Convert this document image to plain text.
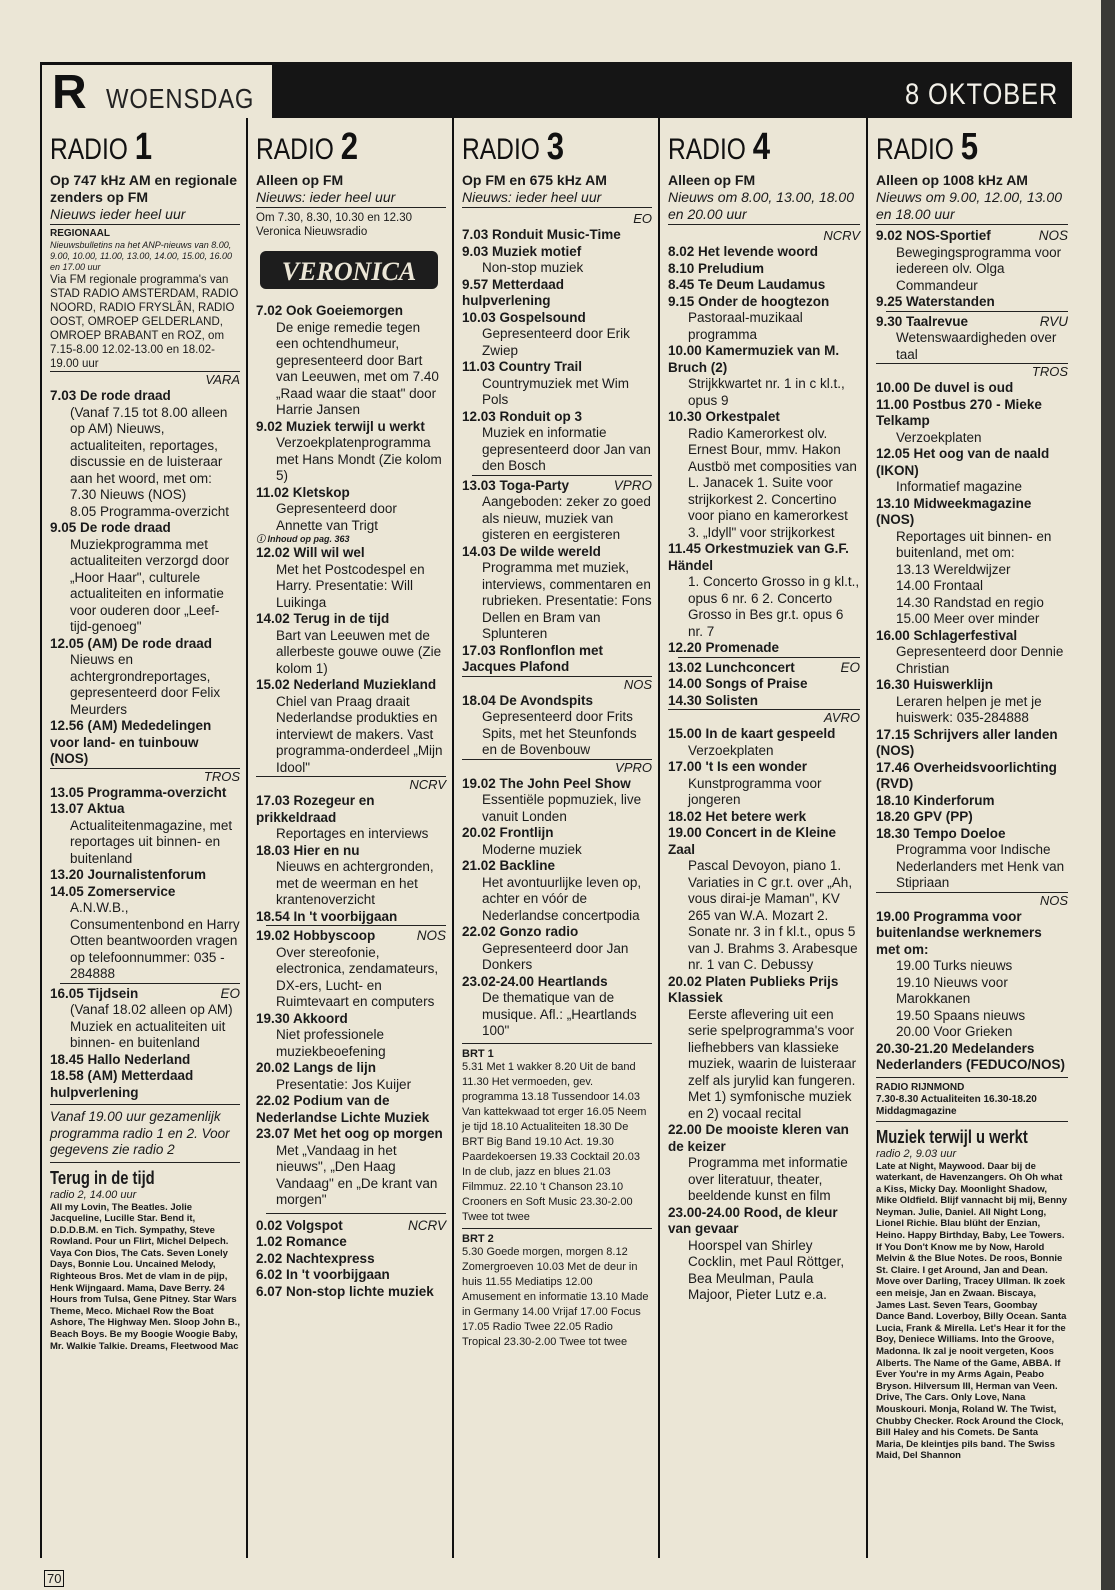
R WOENSDAG	8 OKTOBER
RADIO 1
Op 747 kHz AM en regionale zenders op FM
Nieuws ieder heel uur
REGIONAAL
Nieuwsbulletins na het ANP-nieuws van 8.00, 9.00, 10.00, 11.00, 13.00, 14.00, 15.00, 16.00 en 17.00 uur
Via FM regionale programma's van STAD RADIO AMSTERDAM, RADIO NOORD, RADIO FRYSLÂN, RADIO OOST, OMROEP GELDERLAND, OMROEP BRABANT en ROZ, om 7.15-8.00 12.02-13.00 en 18.02-19.00 uur
VARA
7.03 De rode draad
(Vanaf 7.15 tot 8.00 alleen op AM) Nieuws, actualiteiten, reportages, discussie en de luisteraar aan het woord, met om:
7.30 Nieuws (NOS)
8.05 Programma-overzicht
9.05 De rode draad
Muziekprogramma met actualiteiten verzorgd door „Hoor Haar", culturele actualiteiten en informatie voor ouderen door „Leef-tijd-genoeg"
12.05 (AM) De rode draad
Nieuws en achtergrondreportages, gepresenteerd door Felix Meurders
12.56 (AM) Mededelingen voor land- en tuinbouw (NOS)
TROS
13.05 Programma-overzicht
13.07 Aktua
Actualiteitenmagazine, met reportages uit binnen- en buitenland
13.20 Journalistenforum
14.05 Zomerservice
A.N.W.B., Consumentenbond en Harry Otten beantwoorden vragen op telefoonnummer: 035 - 284888
16.05 Tijdsein	EO
(Vanaf 18.02 alleen op AM) Muziek en actualiteiten uit binnen- en buitenland
18.45 Hallo Nederland
18.58 (AM) Metterdaad hulpverlening
Vanaf 19.00 uur gezamenlijk programma radio 1 en 2. Voor gegevens zie radio 2
Terug in de tijd
radio 2, 14.00 uur
All my Lovin, The Beatles. Jolie Jacqueline, Lucille Star. Bend it, D.D.D.B.M. en Tich. Sympathy, Steve Rowland. Pour un Flirt, Michel Delpech. Vaya Con Dios, The Cats. Seven Lonely Days, Bonnie Lou. Uncained Melody, Righteous Bros. Met de vlam in de pijp, Henk Wijngaard. Mama, Dave Berry. 24 Hours from Tulsa, Gene Pitney. Star Wars Theme, Meco. Michael Row the Boat Ashore, The Highway Men. Sloop John B., Beach Boys. Be my Boogie Woogie Baby, Mr. Walkie Talkie. Dreams, Fleetwood Mac
RADIO 2
Alleen op FM
Nieuws: ieder heel uur
Om 7.30, 8.30, 10.30 en 12.30 Veronica Nieuwsradio
VERONICA
7.02 Ook Goeiemorgen
De enige remedie tegen een ochtendhumeur, gepresenteerd door Bart van Leeuwen, met om 7.40 „Raad waar die staat" door Harrie Jansen
9.02 Muziek terwijl u werkt
Verzoekplatenprogramma met Hans Mondt (Zie kolom 5)
11.02 Kletskop
Gepresenteerd door Annette van Trigt
ⓘ Inhoud op pag. 363
12.02 Will wil wel
Met het Postcodespel en Harry. Presentatie: Will Luikinga
14.02 Terug in de tijd
Bart van Leeuwen met de allerbeste gouwe ouwe (Zie kolom 1)
15.02 Nederland Muziekland
Chiel van Praag draait Nederlandse produkties en interviewt de makers. Vast programma-onderdeel „Mijn Idool"
NCRV
17.03 Rozegeur en prikkeldraad
Reportages en interviews
18.03 Hier en nu
Nieuws en achtergronden, met de weerman en het krantenoverzicht
18.54 In 't voorbijgaan
19.02 Hobbyscoop	NOS
Over stereofonie, electronica, zendamateurs, DX-ers, Lucht- en Ruimtevaart en computers
19.30 Akkoord
Niet professionele muziekbeoefening
20.02 Langs de lijn
Presentatie: Jos Kuijer
22.02 Podium van de Nederlandse Lichte Muziek
23.07 Met het oog op morgen
Met „Vandaag in het nieuws", „Den Haag Vandaag" en „De krant van morgen"
0.02 Volgspot	NCRV
1.02 Romance
2.02 Nachtexpress
6.02 In 't voorbijgaan
6.07 Non-stop lichte muziek
RADIO 3
Op FM en 675 kHz AM
Nieuws: ieder heel uur
EO
7.03 Ronduit Music-Time
9.03 Muziek motief
Non-stop muziek
9.57 Metterdaad hulpverlening
10.03 Gospelsound
Gepresenteerd door Erik Zwiep
11.03 Country Trail
Countrymuziek met Wim Pols
12.03 Ronduit op 3
Muziek en informatie gepresenteerd door Jan van den Bosch
13.03 Toga-Party	VPRO
Aangeboden: zeker zo goed als nieuw, muziek van gisteren en eergisteren
14.03 De wilde wereld
Programma met muziek, interviews, commentaren en rubrieken. Presentatie: Fons Dellen en Bram van Splunteren
17.03 Ronflonflon met Jacques Plafond
NOS
18.04 De Avondspits
Gepresenteerd door Frits Spits, met het Steunfonds en de Bovenbouw
VPRO
19.02 The John Peel Show
Essentiële popmuziek, live vanuit Londen
20.02 Frontlijn
Moderne muziek
21.02 Backline
Het avontuurlijke leven op, achter en vóór de Nederlandse concertpodia
22.02 Gonzo radio
Gepresenteerd door Jan Donkers
23.02-24.00 Heartlands
De thematique van de musique. Afl.: „Heartlands 100"
BRT 1
5.31 Met 1 wakker 8.20 Uit de band 11.30 Het vermoeden, gev. programma 13.18 Tussendoor 14.03 Van kattekwaad tot erger 16.05 Neem je tijd 18.10 Actualiteiten 18.30 De BRT Big Band 19.10 Act. 19.30 Paardekoersen 19.33 Cocktail 20.03 In de club, jazz en blues 21.03 Filmmuz. 22.10 't Chanson 23.10 Crooners en Soft Music 23.30-2.00 Twee tot twee
BRT 2
5.30 Goede morgen, morgen 8.12 Zomergroeven 10.03 Met de deur in huis 11.55 Mediatips 12.00 Amusement en informatie 13.10 Made in Germany 14.00 Vrijaf 17.00 Focus 17.05 Radio Twee 22.05 Radio Tropical 23.30-2.00 Twee tot twee
RADIO 4
Alleen op FM
Nieuws om 8.00, 13.00, 18.00 en 20.00 uur
NCRV
8.02 Het levende woord
8.10 Preludium
8.45 Te Deum Laudamus
9.15 Onder de hoogtezon
Pastoraal-muzikaal programma
10.00 Kamermuziek van M. Bruch (2)
Strijkkwartet nr. 1 in c kl.t., opus 9
10.30 Orkestpalet
Radio Kamerorkest olv. Ernest Bour, mmv. Hakon Austbö met composities van L. Janacek 1. Suite voor strijkorkest 2. Concertino voor piano en kamerorkest 3. „Idyll" voor strijkorkest
11.45 Orkestmuziek van G.F. Händel
1. Concerto Grosso in g kl.t., opus 6 nr. 6 2. Concerto Grosso in Bes gr.t. opus 6 nr. 7
12.20 Promenade
13.02 Lunchconcert	EO
14.00 Songs of Praise
14.30 Solisten
AVRO
15.00 In de kaart gespeeld
Verzoekplaten
17.00 't Is een wonder
Kunstprogramma voor jongeren
18.02 Het betere werk
19.00 Concert in de Kleine Zaal
Pascal Devoyon, piano 1. Variaties in C gr.t. over „Ah, vous dirai-je Maman", KV 265 van W.A. Mozart 2. Sonate nr. 3 in f kl.t., opus 5 van J. Brahms 3. Arabesque nr. 1 van C. Debussy
20.02 Platen Publieks Prijs Klassiek
Eerste aflevering uit een serie spelprogramma's voor liefhebbers van klassieke muziek, waarin de luisteraar zelf als jurylid kan fungeren. Met 1) symfonische muziek en 2) vocaal recital
22.00 De mooiste kleren van de keizer
Programma met informatie over literatuur, theater, beeldende kunst en film
23.00-24.00 Rood, de kleur van gevaar
Hoorspel van Shirley Cocklin, met Paul Röttger, Bea Meulman, Paula Majoor, Pieter Lutz e.a.
RADIO 5
Alleen op 1008 kHz AM
Nieuws om 9.00, 12.00, 13.00 en 18.00 uur
9.02 NOS-Sportief	NOS
Bewegingsprogramma voor iedereen olv. Olga Commandeur
9.25 Waterstanden
9.30 Taalrevue	RVU
Wetenswaardigheden over taal
TROS
10.00 De duvel is oud
11.00 Postbus 270 - Mieke Telkamp
Verzoekplaten
12.05 Het oog van de naald (IKON)
Informatief magazine
13.10 Midweekmagazine (NOS)
Reportages uit binnen- en buitenland, met om:
13.13 Wereldwijzer
14.00 Frontaal
14.30 Randstad en regio
15.00 Meer over minder
16.00 Schlagerfestival
Gepresenteerd door Dennie Christian
16.30 Huiswerklijn
Leraren helpen je met je huiswerk: 035-284888
17.15 Schrijvers aller landen (NOS)
17.46 Overheidsvoorlichting (RVD)
18.10 Kinderforum
18.20 GPV (PP)
18.30 Tempo Doeloe
Programma voor Indische Nederlanders met Henk van Stipriaan
NOS
19.00 Programma voor buitenlandse werknemers met om:
19.00 Turks nieuws
19.10 Nieuws voor Marokkanen
19.50 Spaans nieuws
20.00 Voor Grieken
20.30-21.20 Medelanders Nederlanders (FEDUCO/NOS)
RADIO RIJNMOND
7.30-8.30 Actualiteiten 16.30-18.20 Middagmagazine
Muziek terwijl u werkt
radio 2, 9.03 uur
Late at Night, Maywood. Daar bij de waterkant, de Havenzangers. Oh Oh what a Kiss, Micky Day. Moonlight Shadow, Mike Oldfield. Blijf vannacht bij mij, Benny Neyman. Julie, Daniel. All Night Long, Lionel Richie. Blau blüht der Enzian, Heino. Happy Birthday, Baby, Lee Towers. If You Don't Know me by Now, Harold Melvin & the Blue Notes. De roos, Bonnie St. Claire. I get Around, Jan and Dean. Move over Darling, Tracey Ullman. Ik zoek een meisje, Jan en Zwaan. Biscaya, James Last. Seven Tears, Goombay Dance Band. Loverboy, Billy Ocean. Santa Lucia, Frank & Mirella. Let's Hear it for the Boy, Deniece Williams. Into the Groove, Madonna. Ik zal je nooit vergeten, Koos Alberts. The Name of the Game, ABBA. If Ever You're in my Arms Again, Peabo Bryson. Hilversum III, Herman van Veen. Drive, The Cars. Only Love, Nana Mouskouri. Monja, Roland W. The Twist, Chubby Checker. Rock Around the Clock, Bill Haley and his Comets. De Santa Maria, De kleintjes pils band. The Swiss Maid, Del Shannon
70
